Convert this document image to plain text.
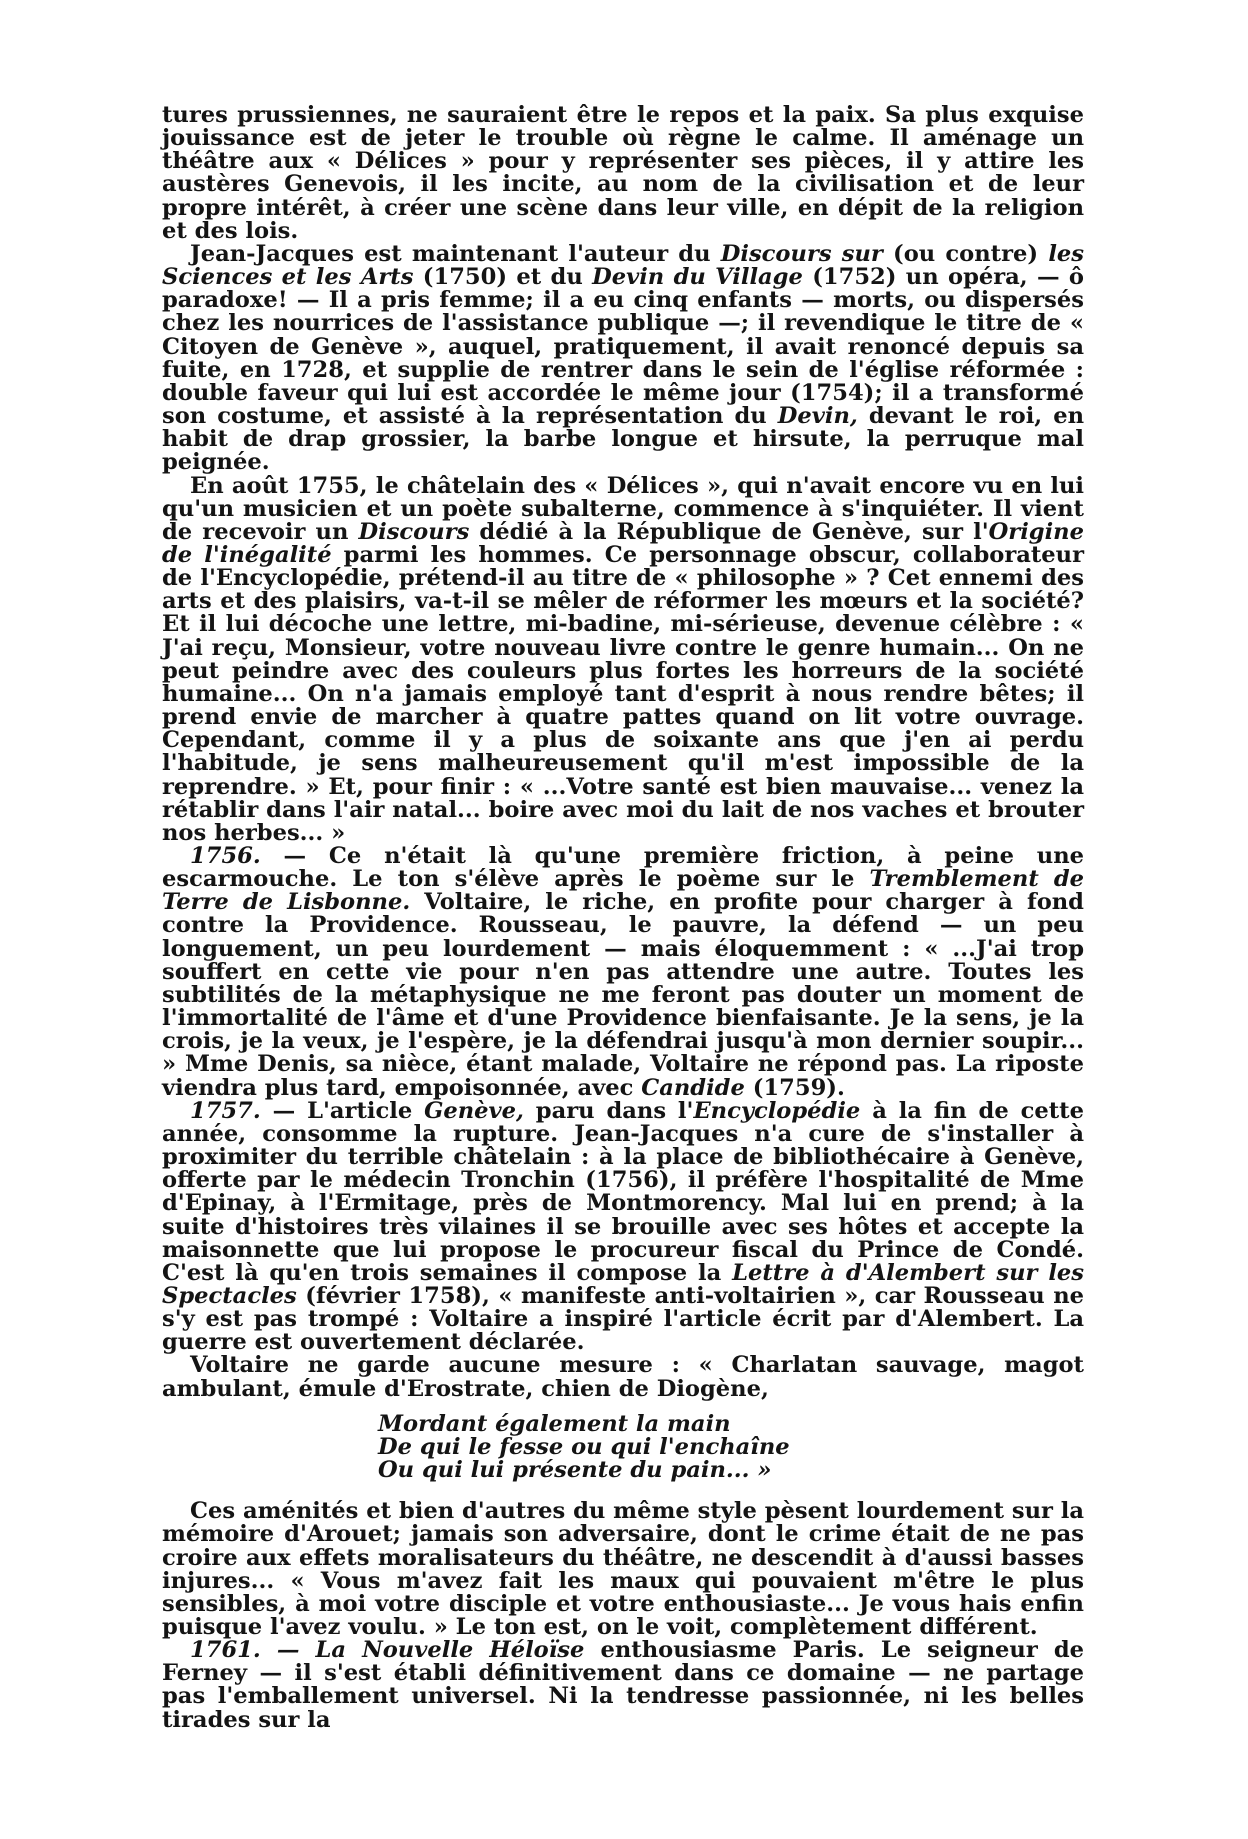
tures prussiennes, ne sauraient être le repos et la paix. Sa plus exquise jouissance est de jeter le trouble où règne le calme. Il aménage un théâtre aux « Délices » pour y représenter ses pièces, il y attire les austères Genevois, il les incite, au nom de la civilisation et de leur propre intérêt, à créer une scène dans leur ville, en dépit de la religion et des lois.

Jean-Jacques est maintenant l'auteur du Discours sur (ou contre) les Sciences et les Arts (1750) et du Devin du Village (1752) un opéra, — ô paradoxe! — Il a pris femme; il a eu cinq enfants — morts, ou dispersés chez les nourrices de l'assistance publique —; il revendique le titre de « Citoyen de Genève », auquel, pratiquement, il avait renoncé depuis sa fuite, en 1728, et supplie de rentrer dans le sein de l'église réformée : double faveur qui lui est accordée le même jour (1754); il a transformé son costume, et assisté à la représentation du Devin, devant le roi, en habit de drap grossier, la barbe longue et hirsute, la perruque mal peignée.

En août 1755, le châtelain des « Délices », qui n'avait encore vu en lui qu'un musicien et un poète subalterne, commence à s'inquiéter. Il vient de recevoir un Discours dédié à la République de Genève, sur l'Origine de l'inégalité parmi les hommes. Ce personnage obscur, collaborateur de l'Encyclopédie, prétend-il au titre de « philosophe » ? Cet ennemi des arts et des plaisirs, va-t-il se mêler de réformer les mœurs et la société? Et il lui décoche une lettre, mi-badine, mi-sérieuse, devenue célèbre : « J'ai reçu, Monsieur, votre nouveau livre contre le genre humain... On ne peut peindre avec des couleurs plus fortes les horreurs de la société humaine... On n'a jamais employé tant d'esprit à nous rendre bêtes; il prend envie de marcher à quatre pattes quand on lit votre ouvrage. Cependant, comme il y a plus de soixante ans que j'en ai perdu l'habitude, je sens malheureusement qu'il m'est impossible de la reprendre. » Et, pour finir : « ...Votre santé est bien mauvaise... venez la rétablir dans l'air natal... boire avec moi du lait de nos vaches et brouter nos herbes... »

1756. — Ce n'était là qu'une première friction, à peine une escarmouche. Le ton s'élève après le poème sur le Tremblement de Terre de Lisbonne. Voltaire, le riche, en profite pour charger à fond contre la Providence. Rousseau, le pauvre, la défend — un peu longuement, un peu lourdement — mais éloquemment : « ...J'ai trop souffert en cette vie pour n'en pas attendre une autre. Toutes les subtilités de la métaphysique ne me feront pas douter un moment de l'immortalité de l'âme et d'une Providence bienfaisante. Je la sens, je la crois, je la veux, je l'espère, je la défendrai jusqu'à mon dernier soupir... » Mme Denis, sa nièce, étant malade, Voltaire ne répond pas. La riposte viendra plus tard, empoisonnée, avec Candide (1759).

1757. — L'article Genève, paru dans l'Encyclopédie à la fin de cette année, consomme la rupture. Jean-Jacques n'a cure de s'installer à proximiter du terrible châtelain : à la place de bibliothécaire à Genève, offerte par le médecin Tronchin (1756), il préfère l'hospitalité de Mme d'Epinay, à l'Ermitage, près de Montmorency. Mal lui en prend; à la suite d'histoires très vilaines il se brouille avec ses hôtes et accepte la maisonnette que lui propose le procureur fiscal du Prince de Condé. C'est là qu'en trois semaines il compose la Lettre à d'Alembert sur les Spectacles (février 1758), « manifeste anti-voltairien », car Rousseau ne s'y est pas trompé : Voltaire a inspiré l'article écrit par d'Alembert. La guerre est ouvertement déclarée.

Voltaire ne garde aucune mesure : « Charlatan sauvage, magot ambulant, émule d'Erostrate, chien de Diogène,

Mordant également la main
De qui le fesse ou qui l'enchaîne
Ou qui lui présente du pain... »

Ces aménités et bien d'autres du même style pèsent lourdement sur la mémoire d'Arouet; jamais son adversaire, dont le crime était de ne pas croire aux effets moralisateurs du théâtre, ne descendit à d'aussi basses injures... « Vous m'avez fait les maux qui pouvaient m'être le plus sensibles, à moi votre disciple et votre enthousiaste... Je vous hais enfin puisque l'avez voulu. » Le ton est, on le voit, complètement différent.

1761. — La Nouvelle Héloïse enthousiasme Paris. Le seigneur de Ferney — il s'est établi définitivement dans ce domaine — ne partage pas l'emballement universel. Ni la tendresse passionnée, ni les belles tirades sur la
